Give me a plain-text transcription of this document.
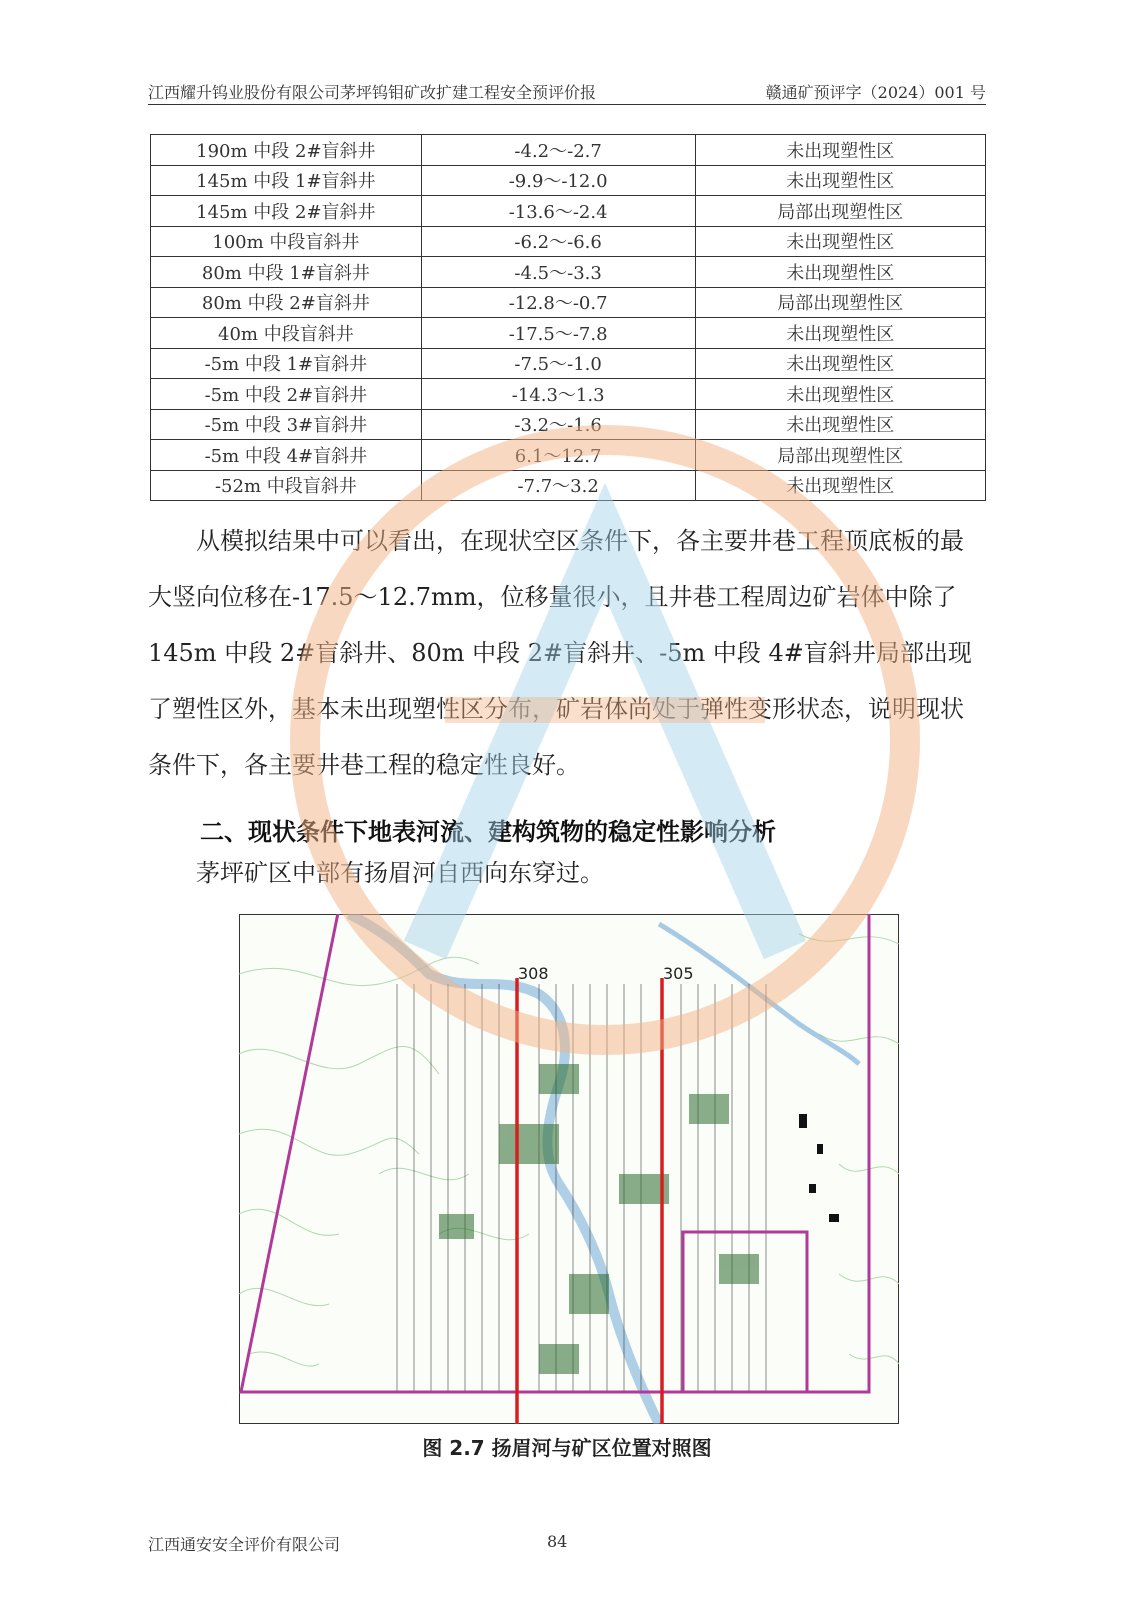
江西耀升钨业股份有限公司茅坪钨钼矿改扩建工程安全预评价报	赣通矿预评字（2024）001 号
190m 中段 2#盲斜井	-4.2～-2.7	未出现塑性区
145m 中段 1#盲斜井	-9.9～-12.0	未出现塑性区
145m 中段 2#盲斜井	-13.6～-2.4	局部出现塑性区
100m 中段盲斜井	-6.2～-6.6	未出现塑性区
80m 中段 1#盲斜井	-4.5～-3.3	未出现塑性区
80m 中段 2#盲斜井	-12.8～-0.7	局部出现塑性区
40m 中段盲斜井	-17.5～-7.8	未出现塑性区
-5m 中段 1#盲斜井	-7.5～-1.0	未出现塑性区
-5m 中段 2#盲斜井	-14.3～1.3	未出现塑性区
-5m 中段 3#盲斜井	-3.2～-1.6	未出现塑性区
-5m 中段 4#盲斜井	6.1～12.7	局部出现塑性区
-52m 中段盲斜井	-7.7～3.2	未出现塑性区
从模拟结果中可以看出，在现状空区条件下，各主要井巷工程顶底板的最大竖向位移在-17.5～12.7mm，位移量很小，且井巷工程周边矿岩体中除了 145m 中段 2#盲斜井、80m 中段 2#盲斜井、-5m 中段 4#盲斜井局部出现了塑性区外，基本未出现塑性区分布，矿岩体尚处于弹性变形状态，说明现状条件下，各主要井巷工程的稳定性良好。
二、现状条件下地表河流、建构筑物的稳定性影响分析
茅坪矿区中部有扬眉河自西向东穿过。
308	305
图 2.7 扬眉河与矿区位置对照图
江西通安安全评价有限公司	84
